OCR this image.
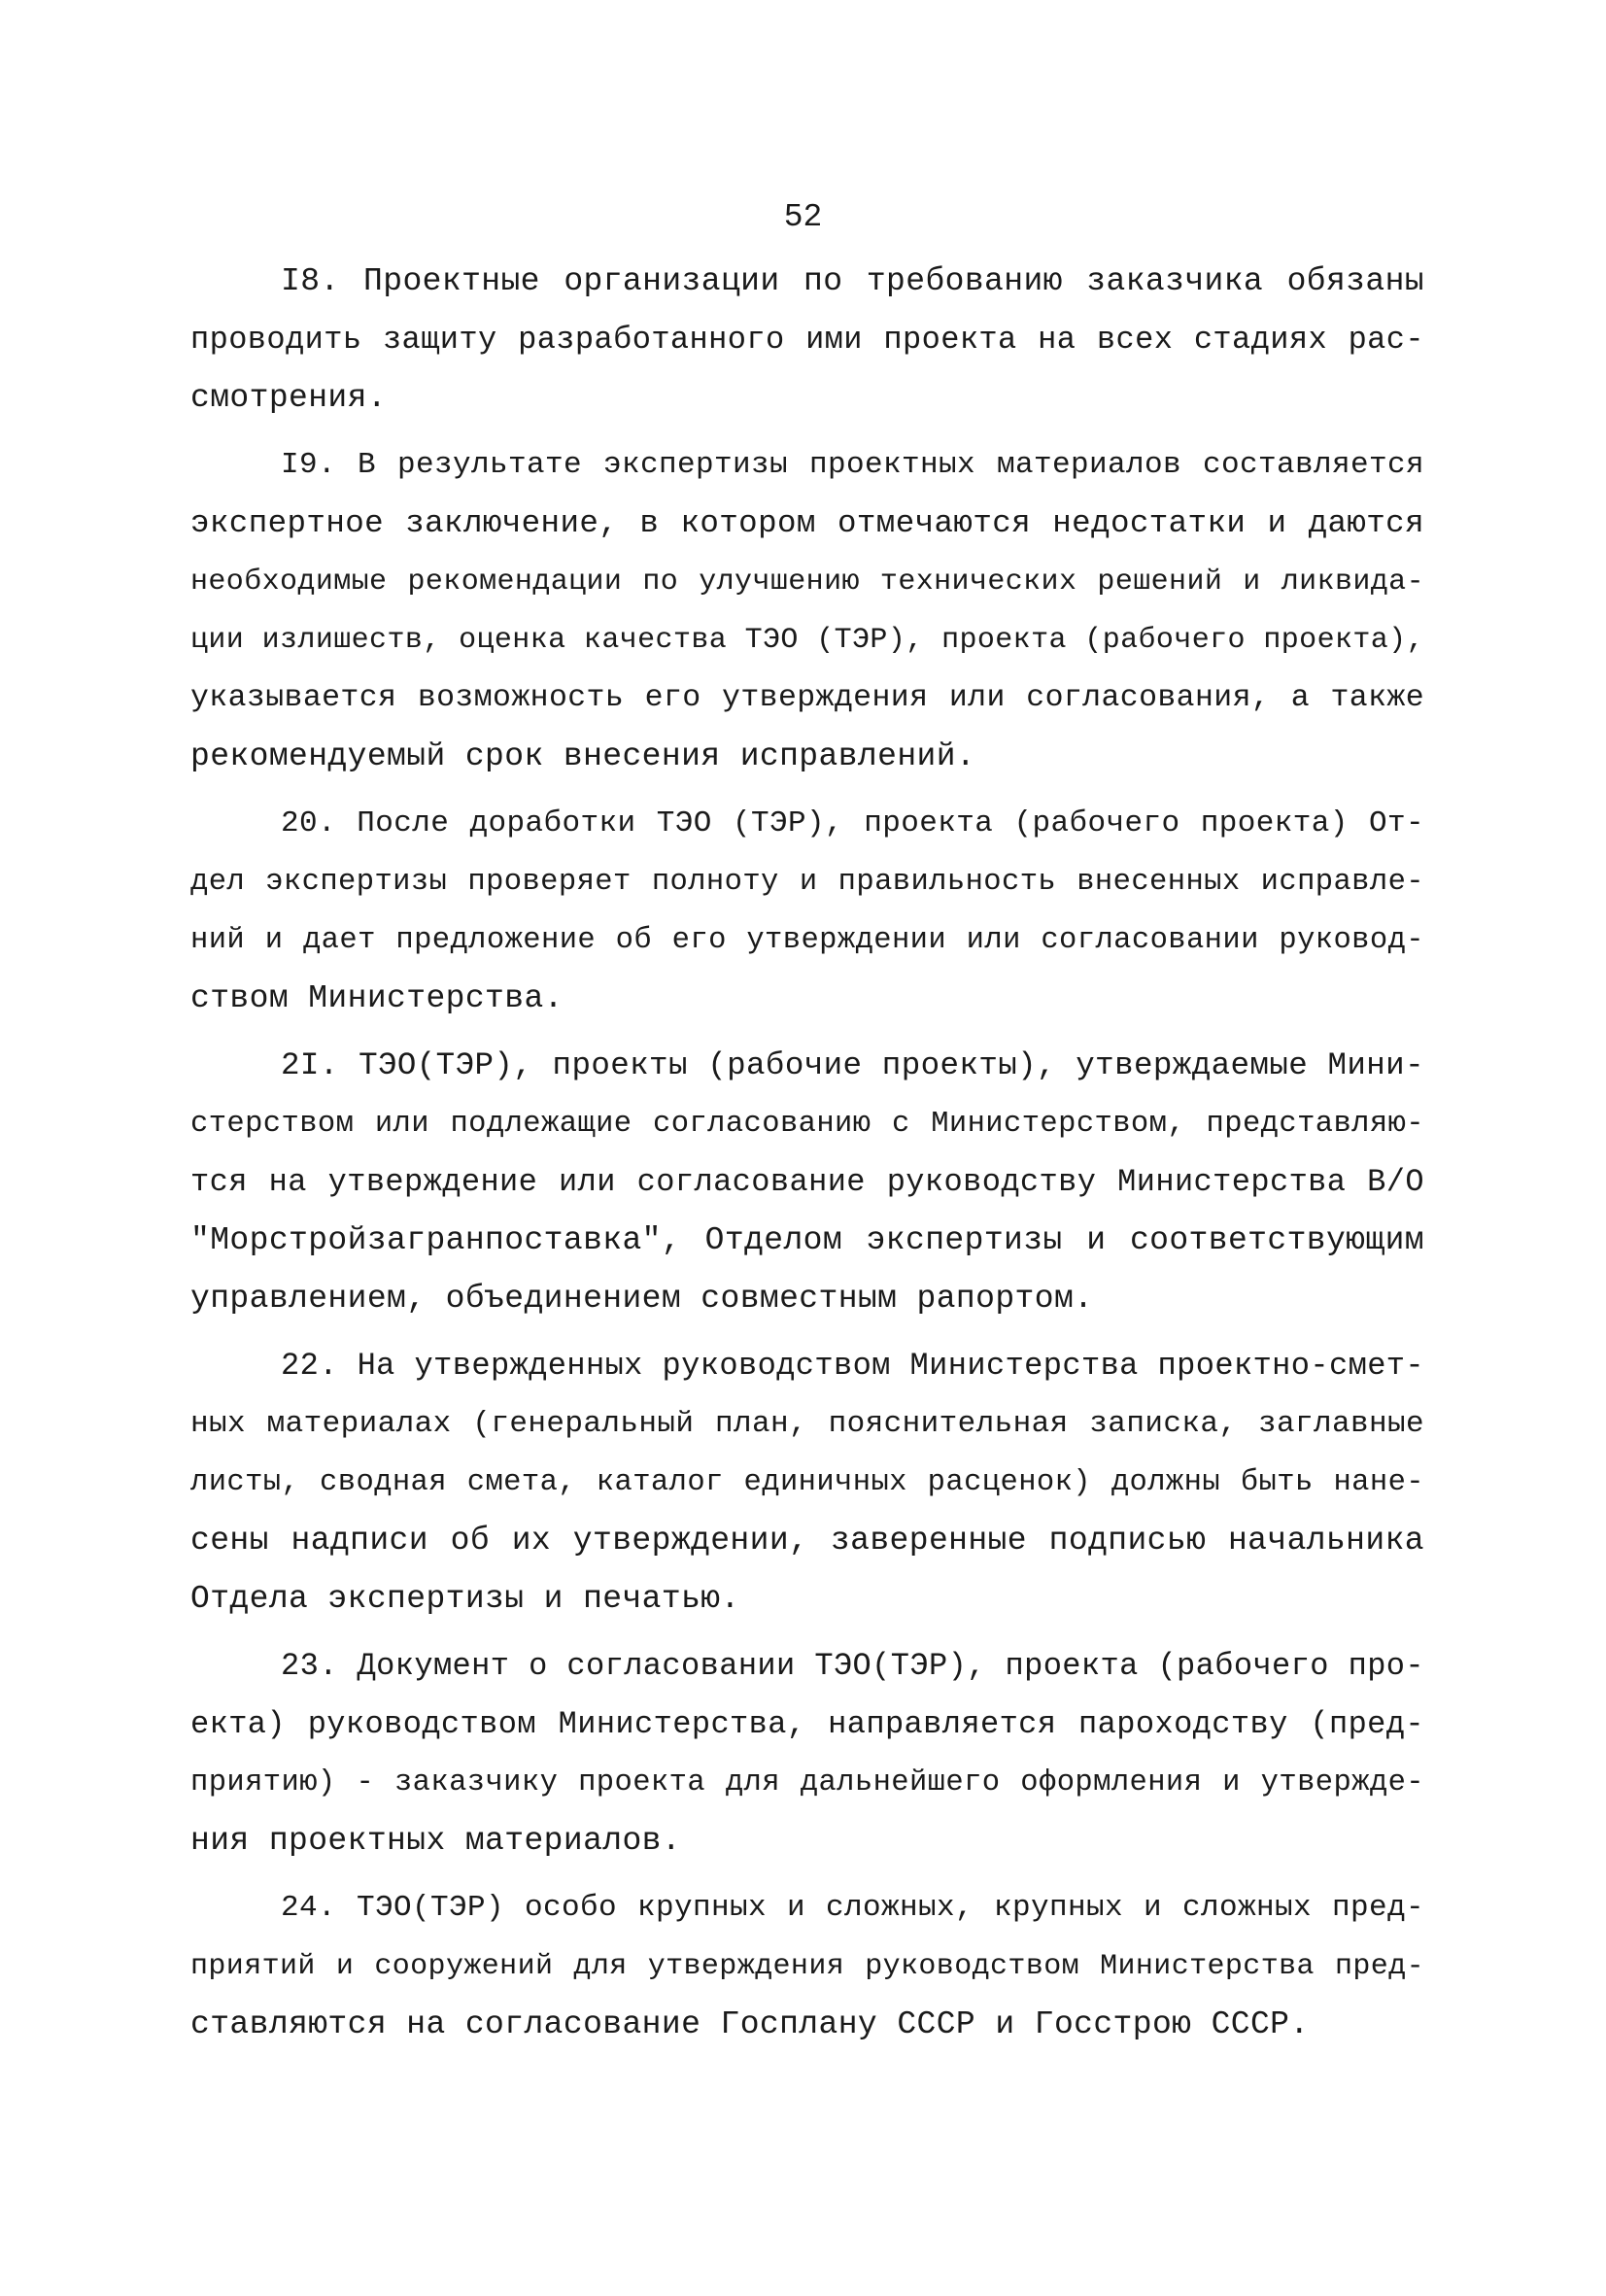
52
I8. Проектные организации по требованию заказчика обязаны
проводить защиту разработанного ими проекта на всех стадиях рас-
смотрения.
I9. В результате экспертизы проектных материалов составляется
экспертное заключение, в котором отмечаются недостатки и даются
необходимые рекомендации по улучшению технических решений и ликвида-
ции излишеств, оценка качества ТЭО (ТЭР), проекта (рабочего проекта),
указывается возможность его утверждения или согласования, а также
рекомендуемый срок внесения исправлений.
20. После доработки ТЭО (ТЭР), проекта (рабочего проекта) От-
дел экспертизы проверяет полноту и правильность внесенных исправле-
ний и дает предложение об его утверждении или согласовании руковод-
ством Министерства.
2I. ТЭО(ТЭР), проекты (рабочие проекты), утверждаемые Мини-
стерством или подлежащие согласованию с Министерством, представляю-
тся на утверждение или согласование руководству Министерства В/О
"Морстройзагранпоставка", Отделом экспертизы и соответствующим
управлением, объединением совместным рапортом.
22. На утвержденных руководством Министерства проектно-смет-
ных материалах (генеральный план, пояснительная записка, заглавные
листы, сводная смета, каталог единичных расценок) должны быть нане-
сены надписи об их утверждении, заверенные подписью начальника
Отдела экспертизы и печатью.
23. Документ о согласовании ТЭО(ТЭР), проекта (рабочего про-
екта) руководством Министерства, направляется пароходству (пред-
приятию) - заказчику проекта для дальнейшего оформления и утвержде-
ния проектных материалов.
24. ТЭО(ТЭР) особо крупных и сложных, крупных и сложных пред-
приятий и сооружений для утверждения руководством Министерства пред-
ставляются на согласование Госплану СССР и Госстрою СССР.
